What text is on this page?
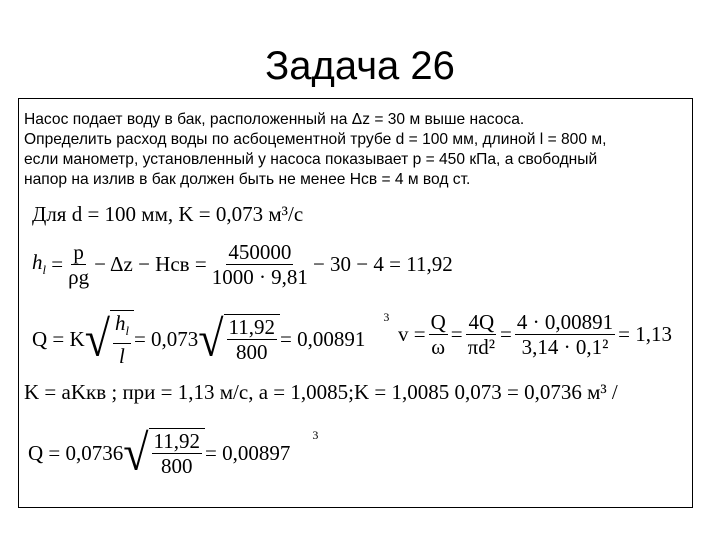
Задача 26

Насос подает воду в бак, расположенный на Δz = 30 м выше насоса.

Определить расход воды по асбоцементной трубе d = 100 мм, длиной l = 800 м,

если манометр, установленный у насоса показывает p = 450 кПа, а свободный

напор на излив в бак должен быть не менее Hсв = 4 м вод ст.

Для d = 100 мм, K = 0,073 м³/с
$h_l = \frac{p}{\rho g} - \Delta z$ − Hсв = $\frac{450000}{1000 \cdot 9,81} - 30 - 4 = 11,92$
Q = K √ $\frac{h_l}{l} = 0,073$ √ $\frac{11,92}{800} = 0,00891$
3
$v = \frac{Q}{\omega} = \frac{4Q}{\text{πd²}} = \frac{4 \cdot 0,00891}{\text{3,14 · 0,1²}} = 1,13$
K = aKкв ; при = 1,13 м/с, a = 1,0085;K = 1,0085 0,073 = 0,0736 м³ /
Q = 0,0736 √ $\frac{11,92}{800} = 0,00897$
3
